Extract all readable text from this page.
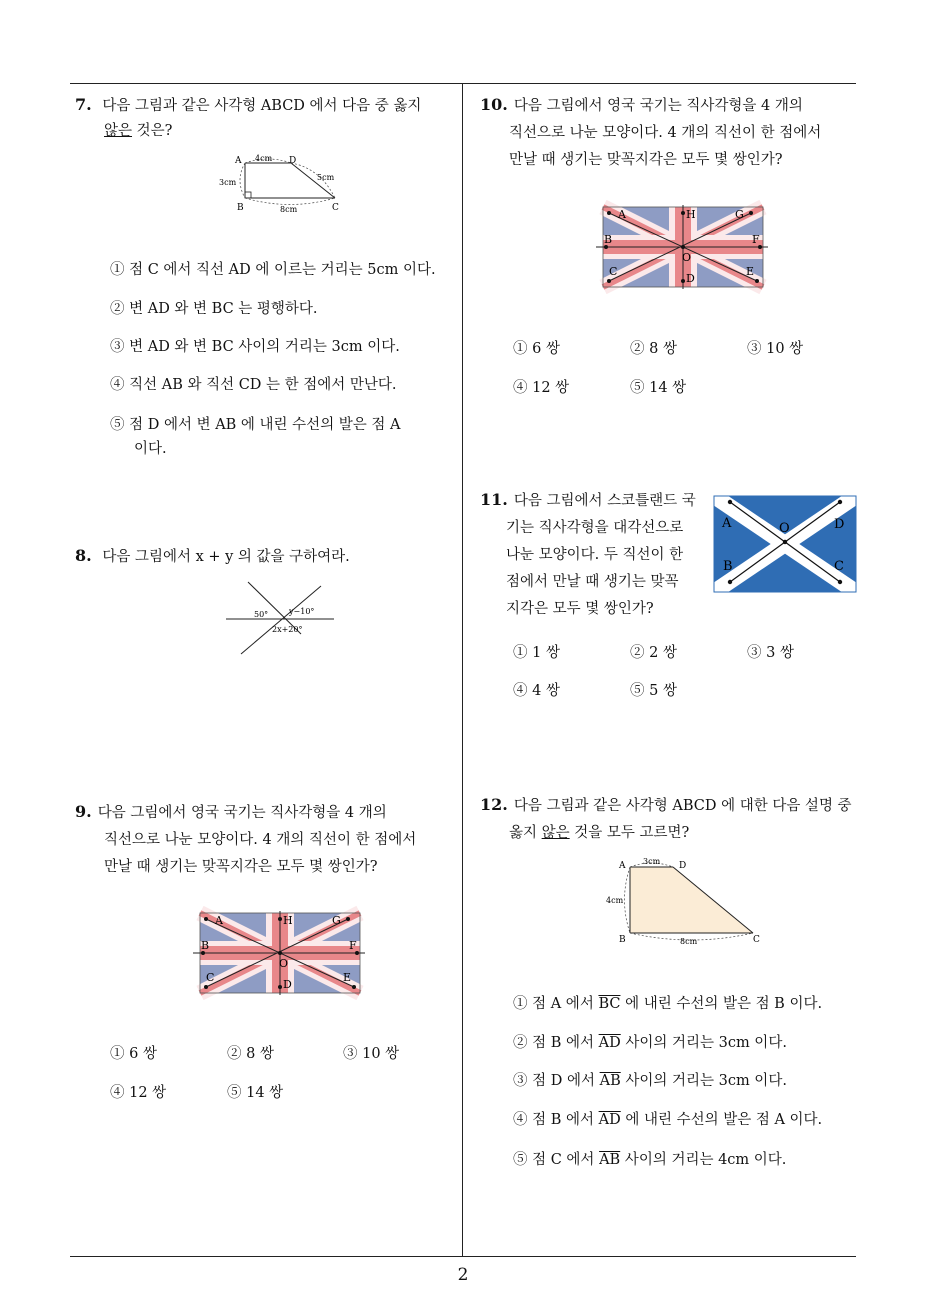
7. 다음 그림과 같은 사각형 ABCD 에서 다음 중 옳지
않은 것은?
A	D
B	C
4cm
3cm
8cm
5cm
① 점 C 에서 직선 AD 에 이르는 거리는 5cm 이다.
② 변 AD 와 변 BC 는 평행하다.
③ 변 AD 와 변 BC 사이의 거리는 3cm 이다.
④ 직선 AB 와 직선 CD 는 한 점에서 만난다.
⑤ 점 D 에서 변 AB 에 내린 수선의 발은 점 A
이다.
8. 다음 그림에서 x + y 의 값을 구하여라.
50°	y−10°
2x+20°
9. 다음 그림에서 영국 국기는 직사각형을 4 개의
직선으로 나눈 모양이다. 4 개의 직선이 한 점에서
만날 때 생기는 맞꼭지각은 모두 몇 쌍인가?
A	H	G
B	F
C
O
D
E
① 6 쌍	② 8 쌍	③ 10 쌍
④ 12 쌍	⑤ 14 쌍
10. 다음 그림에서 영국 국기는 직사각형을 4 개의
직선으로 나눈 모양이다. 4 개의 직선이 한 점에서
만날 때 생기는 맞꼭지각은 모두 몇 쌍인가?
A	H	G
B	F
C
O
D
E
① 6 쌍	② 8 쌍	③ 10 쌍
④ 12 쌍	⑤ 14 쌍
11. 다음 그림에서 스코틀랜드 국
기는 직사각형을 대각선으로
나눈 모양이다. 두 직선이 한
점에서 만날 때 생기는 맞꼭
지각은 모두 몇 쌍인가?
A	O	D
B	C
① 1 쌍	② 2 쌍	③ 3 쌍
④ 4 쌍	⑤ 5 쌍
12. 다음 그림과 같은 사각형 ABCD 에 대한 다음 설명 중
옳지 않은 것을 모두 고르면?
A	D
B	C
3cm
4cm
8cm
① 점 A 에서 $\overline{BC}$ 에 내린 수선의 발은 점 B 이다.
② 점 B 에서 $\overline{AD}$ 사이의 거리는 3cm 이다.
③ 점 D 에서 $\overline{AB}$ 사이의 거리는 3cm 이다.
④ 점 B 에서 $\overline{AD}$ 에 내린 수선의 발은 점 A 이다.
⑤ 점 C 에서 $\overline{AB}$ 사이의 거리는 4cm 이다.
2
